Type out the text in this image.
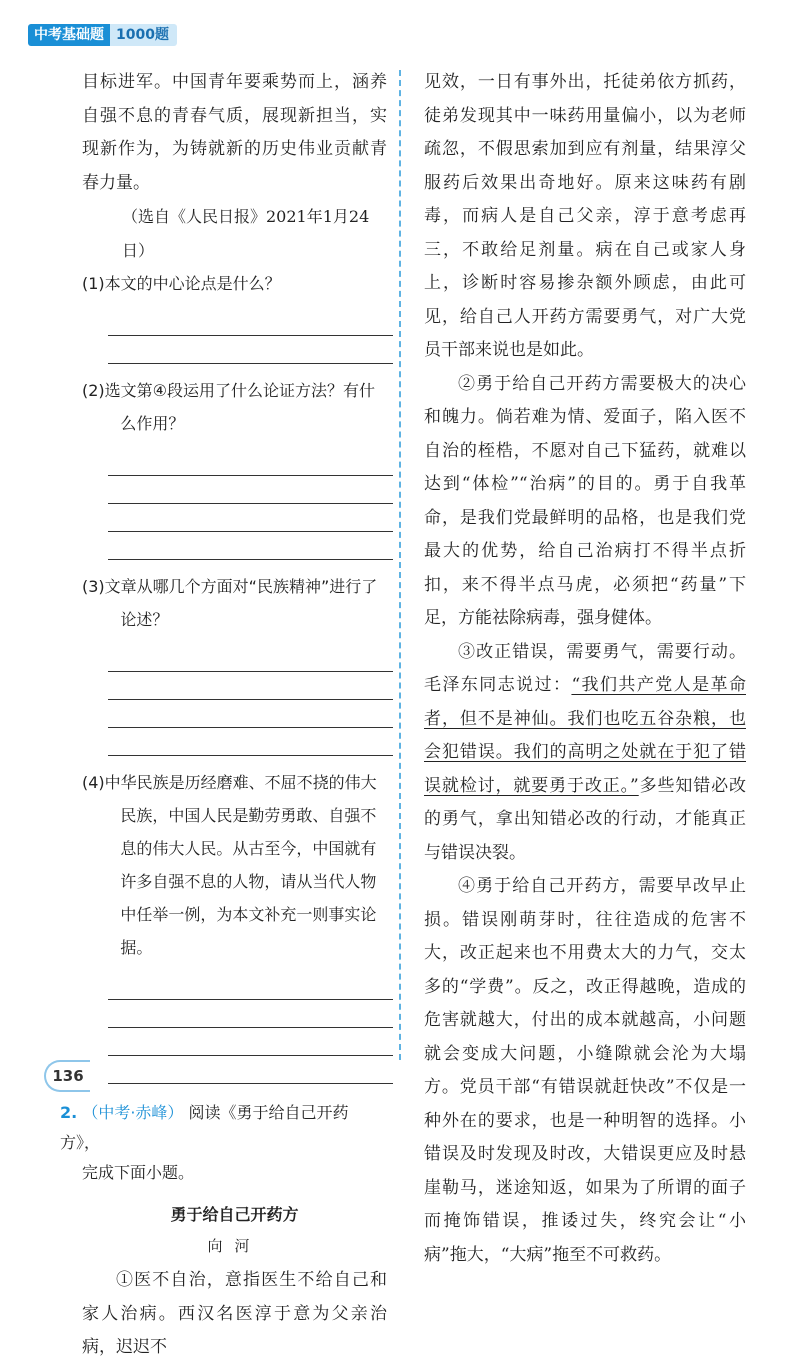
中考基础题 1000题

目标进军。中国青年要乘势而上，涵养自强不息的青春气质，展现新担当，实现新作为，为铸就新的历史伟业贡献青春力量。

（选自《人民日报》2021年1月24日）

(1)本文的中心论点是什么？

(2)选文第④段运用了什么论证方法？有什么作用？

(3)文章从哪几个方面对“民族精神”进行了论述？

(4)中华民族是历经磨难、不屈不挠的伟大民族，中国人民是勤劳勇敢、自强不息的伟大人民。从古至今，中国就有许多自强不息的人物，请从当代人物中任举一例，为本文补充一则事实论据。

2. （中考·赤峰） 阅读《勇于给自己开药方》，

完成下面小题。

勇于给自己开药方

向河

①医不自治，意指医生不给自己和家人治病。西汉名医淳于意为父亲治病，迟迟不

见效，一日有事外出，托徒弟依方抓药，徒弟发现其中一味药用量偏小，以为老师疏忽，不假思索加到应有剂量，结果淳父服药后效果出奇地好。原来这味药有剧毒，而病人是自己父亲，淳于意考虑再三，不敢给足剂量。病在自己或家人身上，诊断时容易掺杂额外顾虑，由此可见，给自己人开药方需要勇气，对广大党员干部来说也是如此。

②勇于给自己开药方需要极大的决心和魄力。倘若难为情、爱面子，陷入医不自治的桎梏，不愿对自己下猛药，就难以达到“体检”“治病”的目的。勇于自我革命，是我们党最鲜明的品格，也是我们党最大的优势，给自己治病打不得半点折扣，来不得半点马虎，必须把“药量”下足，方能祛除病毒，强身健体。

③改正错误，需要勇气，需要行动。毛泽东同志说过：“我们共产党人是革命者，但不是神仙。我们也吃五谷杂粮，也会犯错误。我们的高明之处就在于犯了错误就检讨，就要勇于改正。”多些知错必改的勇气，拿出知错必改的行动，才能真正与错误决裂。

④勇于给自己开药方，需要早改早止损。错误刚萌芽时，往往造成的危害不大，改正起来也不用费太大的力气，交太多的“学费”。反之，改正得越晚，造成的危害就越大，付出的成本就越高，小问题就会变成大问题，小缝隙就会沦为大塌方。党员干部“有错误就赶快改”不仅是一种外在的要求，也是一种明智的选择。小错误及时发现及时改，大错误更应及时悬崖勒马，迷途知返，如果为了所谓的面子而掩饰错误，推诿过失，终究会让“小病”拖大，“大病”拖至不可救药。

136
